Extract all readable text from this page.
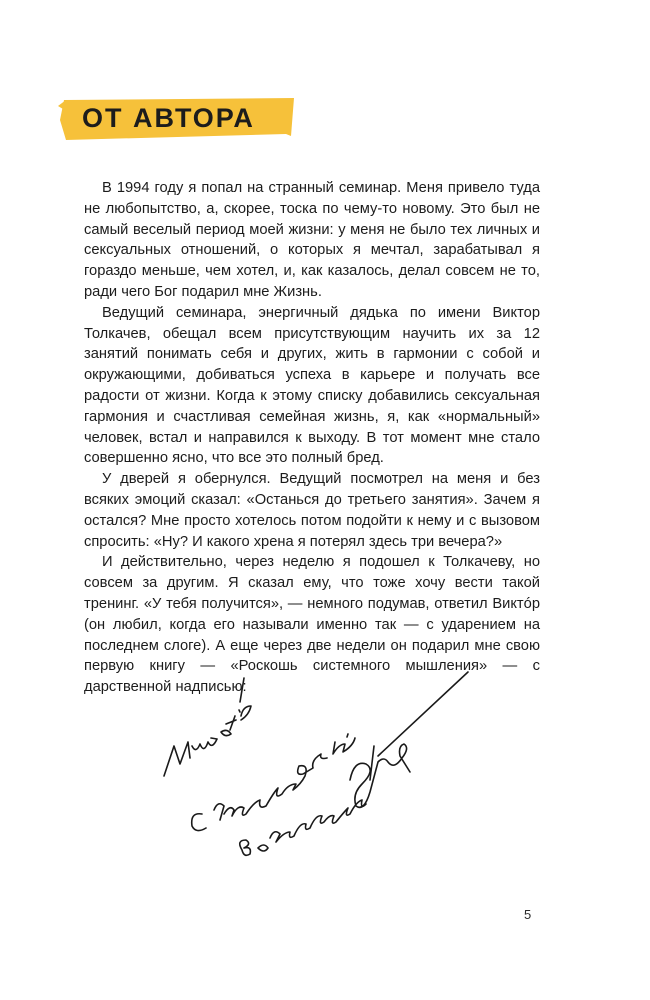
ОТ АВТОРА

В 1994 году я попал на странный семинар. Меня привело туда не любопытство, а, скорее, тоска по чему-то новому. Это был не самый веселый период моей жизни: у меня не было тех личных и сексуальных отношений, о которых я мечтал, зарабатывал я гораздо меньше, чем хотел, и, как казалось, делал совсем не то, ради чего Бог подарил мне Жизнь.

Ведущий семинара, энергичный дядька по имени Виктор Толкачев, обещал всем присутствующим научить их за 12 занятий понимать себя и других, жить в гармонии с собой и окружающими, добиваться успеха в карьере и получать все радости от жизни. Когда к этому списку добавились сексуальная гармония и счастливая семейная жизнь, я, как «нормальный» человек, встал и направился к выходу. В тот момент мне стало совершенно ясно, что все это полный бред.

У дверей я обернулся. Ведущий посмотрел на меня и без всяких эмоций сказал: «Останься до третьего занятия». Зачем я остался? Мне просто хотелось потом подойти к нему и с вызовом спросить: «Ну? И какого хрена я потерял здесь три вечера?»

И действительно, через неделю я подошел к Толкачеву, но совсем за другим. Я сказал ему, что тоже хочу вести такой тренинг. «У тебя получится», — немного подумав, ответил Виктóр (он любил, когда его называли именно так — с ударением на последнем слоге). А еще через две недели он подарил мне свою первую книгу — «Роскошь системного мышления» — с дарственной надписью:

5
